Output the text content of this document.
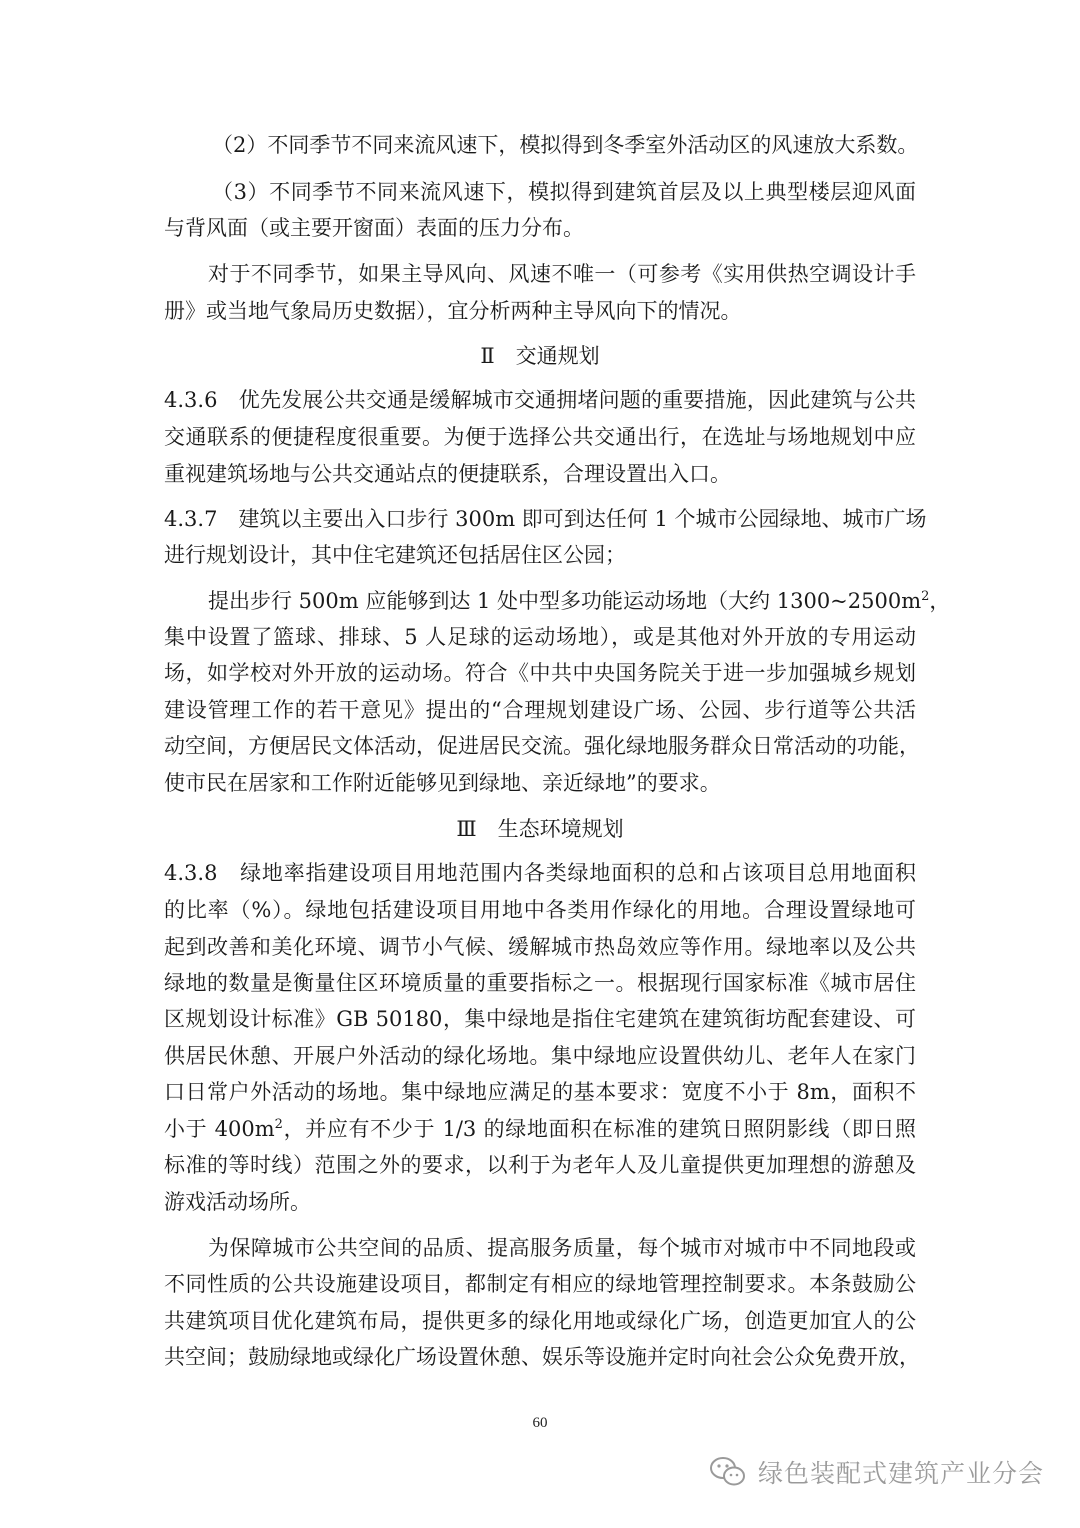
（2）不同季节不同来流风速下，模拟得到冬季室外活动区的风速放大系数。
（3）不同季节不同来流风速下，模拟得到建筑首层及以上典型楼层迎风面
与背风面（或主要开窗面）表面的压力分布。
对于不同季节，如果主导风向、风速不唯一（可参考《实用供热空调设计手
册》或当地气象局历史数据），宜分析两种主导风向下的情况。
Ⅱ　交通规划
4.3.6　优先发展公共交通是缓解城市交通拥堵问题的重要措施，因此建筑与公共
交通联系的便捷程度很重要。为便于选择公共交通出行，在选址与场地规划中应
重视建筑场地与公共交通站点的便捷联系，合理设置出入口。
4.3.7　建筑以主要出入口步行 300m 即可到达任何 1 个城市公园绿地、城市广场
进行规划设计，其中住宅建筑还包括居住区公园；
提出步行 500m 应能够到达 1 处中型多功能运动场地（大约 $1300\sim 2500m^2$，
集中设置了篮球、排球、5 人足球的运动场地），或是其他对外开放的专用运动
场，如学校对外开放的运动场。符合《中共中央国务院关于进一步加强城乡规划
建设管理工作的若干意见》提出的“合理规划建设广场、公园、步行道等公共活
动空间，方便居民文体活动，促进居民交流。强化绿地服务群众日常活动的功能，
使市民在居家和工作附近能够见到绿地、亲近绿地”的要求。
Ⅲ　生态环境规划
4.3.8　绿地率指建设项目用地范围内各类绿地面积的总和占该项目总用地面积
的比率（%）。绿地包括建设项目用地中各类用作绿化的用地。合理设置绿地可
起到改善和美化环境、调节小气候、缓解城市热岛效应等作用。绿地率以及公共
绿地的数量是衡量住区环境质量的重要指标之一。根据现行国家标准《城市居住
区规划设计标准》GB 50180，集中绿地是指住宅建筑在建筑街坊配套建设、可
供居民休憩、开展户外活动的绿化场地。集中绿地应设置供幼儿、老年人在家门
口日常户外活动的场地。集中绿地应满足的基本要求：宽度不小于 8m，面积不
小于 $400m^2$，并应有不少于 1/3 的绿地面积在标准的建筑日照阴影线（即日照
标准的等时线）范围之外的要求，以利于为老年人及儿童提供更加理想的游憩及
游戏活动场所。
为保障城市公共空间的品质、提高服务质量，每个城市对城市中不同地段或
不同性质的公共设施建设项目，都制定有相应的绿地管理控制要求。本条鼓励公
共建筑项目优化建筑布局，提供更多的绿化用地或绿化广场，创造更加宜人的公
共空间；鼓励绿地或绿化广场设置休憩、娱乐等设施并定时向社会公众免费开放，
60
绿色装配式建筑产业分会
